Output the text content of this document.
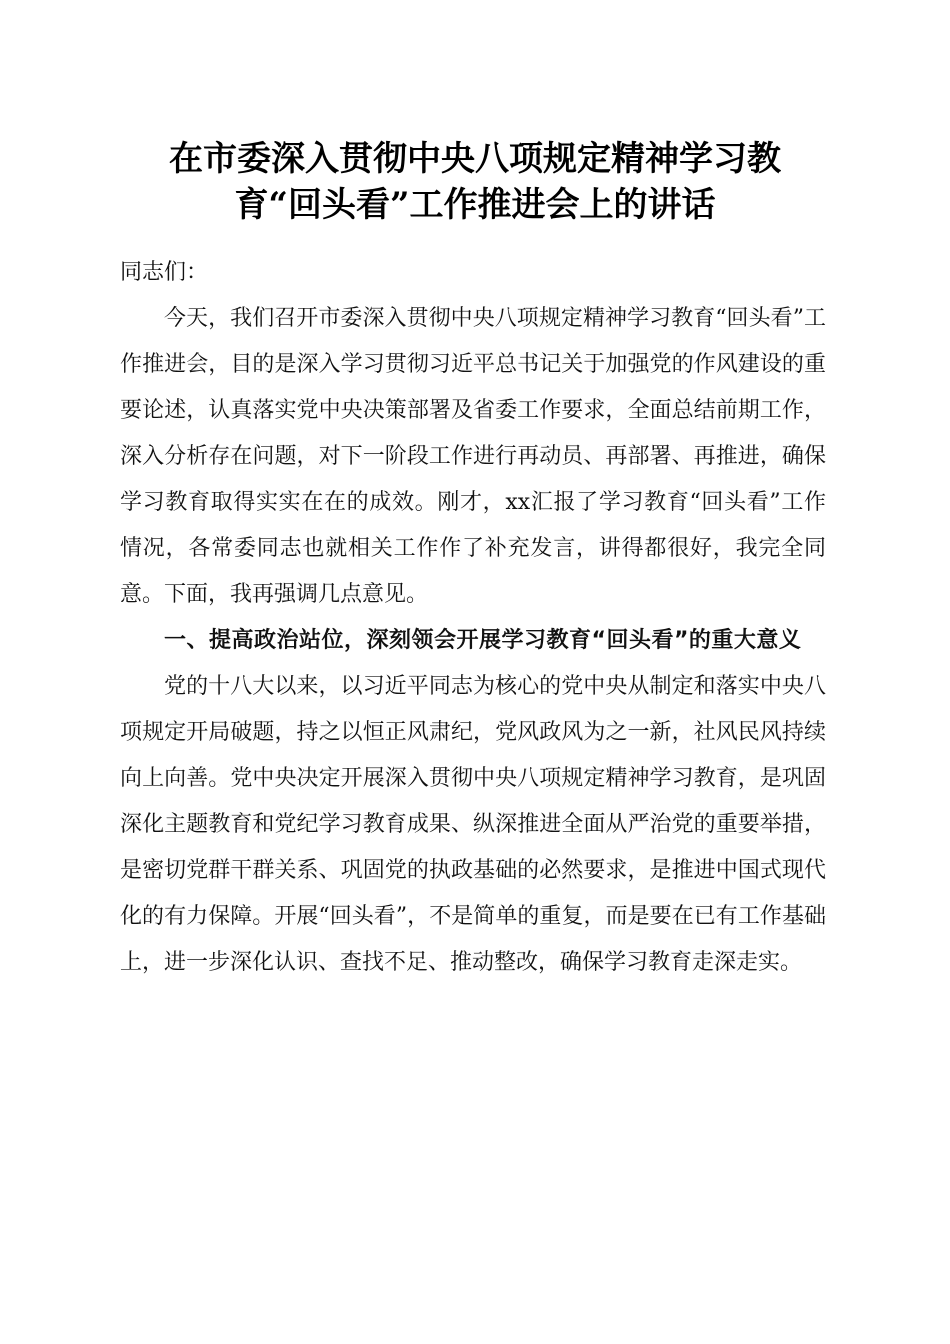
在市委深入贯彻中央八项规定精神学习教
育“回头看”工作推进会上的讲话

同志们：

今天，我们召开市委深入贯彻中央八项规定精神学习教育“回头看”工作推进会，目的是深入学习贯彻习近平总书记关于加强党的作风建设的重要论述，认真落实党中央决策部署及省委工作要求，全面总结前期工作，深入分析存在问题，对下一阶段工作进行再动员、再部署、再推进，确保学习教育取得实实在在的成效。刚才，xx汇报了学习教育“回头看”工作情况，各常委同志也就相关工作作了补充发言，讲得都很好，我完全同意。下面，我再强调几点意见。

一、提高政治站位，深刻领会开展学习教育“回头看”的重大意义

党的十八大以来，以习近平同志为核心的党中央从制定和落实中央八项规定开局破题，持之以恒正风肃纪，党风政风为之一新，社风民风持续向上向善。党中央决定开展深入贯彻中央八项规定精神学习教育，是巩固深化主题教育和党纪学习教育成果、纵深推进全面从严治党的重要举措，是密切党群干群关系、巩固党的执政基础的必然要求，是推进中国式现代化的有力保障。开展“回头看”，不是简单的重复，而是要在已有工作基础上，进一步深化认识、查找不足、推动整改，确保学习教育走深走实。
